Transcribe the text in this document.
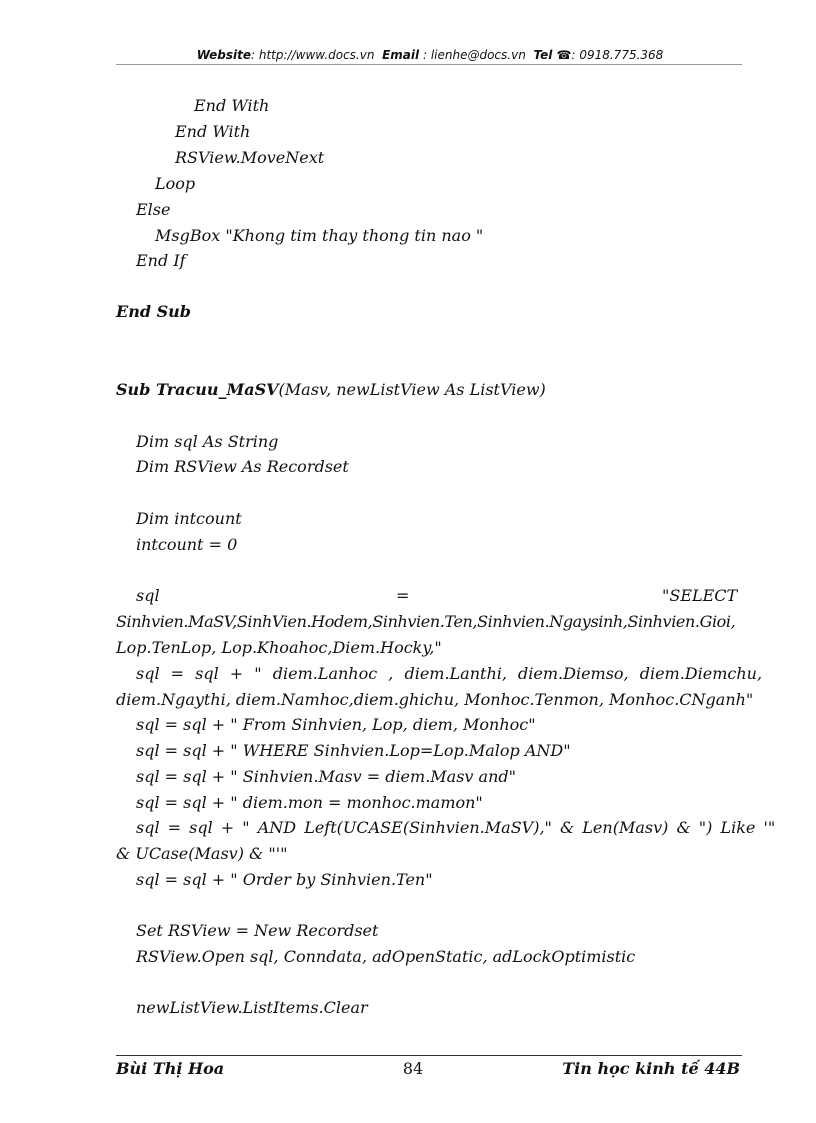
Website: http://www.docs.vn Email : lienhe@docs.vn Tel ☎: 0918.775.368
End With
End With
RSView.MoveNext
Loop
Else
MsgBox "Khong tim thay thong tin nao "
End If
End Sub
Sub Tracuu_MaSV(Masv, newListView As ListView)
Dim sql As String
Dim RSView As Recordset
Dim intcount
intcount = 0
sql	=	"SELECT
Sinhvien.MaSV,SinhVien.Hodem,Sinhvien.Ten,Sinhvien.Ngaysinh,Sinhvien.Gioi,
Lop.TenLop, Lop.Khoahoc,Diem.Hocky,"
sql = sql + " diem.Lanhoc , diem.Lanthi, diem.Diemso, diem.Diemchu,
diem.Ngaythi, diem.Namhoc,diem.ghichu, Monhoc.Tenmon, Monhoc.CNganh"
sql = sql + " From Sinhvien, Lop, diem, Monhoc"
sql = sql + " WHERE Sinhvien.Lop=Lop.Malop AND"
sql = sql + " Sinhvien.Masv = diem.Masv and"
sql = sql + " diem.mon = monhoc.mamon"
sql = sql + " AND Left(UCASE(Sinhvien.MaSV)," & Len(Masv) & ") Like '"
& UCase(Masv) & "'"
sql = sql + " Order by Sinhvien.Ten"
Set RSView = New Recordset
RSView.Open sql, Conndata, adOpenStatic, adLockOptimistic
newListView.ListItems.Clear
Bùi Thị Hoa	84	Tin học kinh tế 44B
